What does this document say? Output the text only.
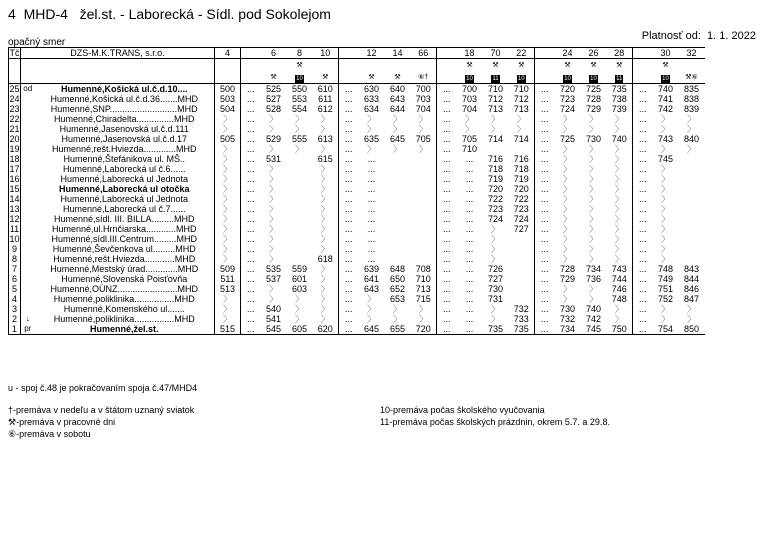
4  MHD-4   žel.st. - Laborecká - Sídl. pod Sokolejom
Platnosť od:  1. 1. 2022
opačný smer
Tč	DZS-M.K.TRANS, s.r.o.		4		6	8	10		12	14	66		18	70	22		24	26	28		30	32
						⚒							⚒	⚒	⚒		⚒	⚒	⚒		⚒	
					⚒	10	⚒		⚒	⚒	⑥†		10	11	10		10	10	11		10	⚒⑥
25	od	Humenné,Košická ul.č.d.10....	500	...	525	550	610	...	630	640	700	...	700	710	710	...	720	725	735	...	740	835
24		Humenné,Košická ul.č.d.36.......MHD	503	...	527	553	611	...	633	643	703	...	703	712	712	...	723	728	738	...	741	838
23		Humenné,SNP...........................MHD	504	...	528	554	612	...	634	644	704	...	704	713	713	...	724	729	739	...	742	839
22		Humenné,Chiradelta...............MHD	〉	...	〉	〉	〉	...	〉	〉	〉	...	〉	〉	〉	...	〉	〉	〉	...	〉	〉
21		Humenné,Jasenovská ul.č.d.111	〉	...	〉	〉	〉	...	〉	〉	〉	...	〉	〉	〉	...	〉	〉	〉	...	〉	〉
20		Humenné,Jasenovská ul.č.d.17	505	...	529	555	613	...	635	645	705	...	705	714	714	...	725	730	740	...	743	840
19		Humenné,rešt.Hviezda.............MHD	〉	...	〉	〉	〉	...	〉	〉	〉	...	710			...	〉	〉	〉	...	〉	〉
18		Humenné,Štefánikova ul. MŠ..	〉	...	531		615	...	...			...	...	716	716	...	〉	〉	〉	...	745	
17		Humenné,Laborecká ul č.6......	〉	...	〉		〉	...	...			...	...	718	718	...	〉	〉	〉	...	〉	
16		Humenné,Laborecká ul Jednota	〉	...	〉		〉	...	...			...	...	719	719	...	〉	〉	〉	...	〉	
15		Humenné,Laborecká ul otočka	〉	...	〉		〉	...	...			...	...	720	720	...	〉	〉	〉	...	〉	
14		Humenné,Laborecká ul Jednota	〉	...	〉		〉	...	...			...	...	722	722	...	〉	〉	〉	...	〉	
13		Humenné,Laborecká ul č.7......	〉	...	〉		〉	...	...			...	...	723	723	...	〉	〉	〉	...	〉	
12		Humenné,sídl. III. BILLA.........MHD	〉	...	〉		〉	...	...			...	...	724	724	...	〉	〉	〉	...	〉	
11		Humenné,ul.Hrnčiarska............MHD	〉	...	〉		〉	...	...			...	...	〉	727	...	〉	〉	〉	...	〉	
10		Humenné,sídl.III.Centrum.........MHD	〉	...	〉		〉	...	...			...	...	〉		...	〉	〉	〉	...	〉	
9		Humenné,Ševčenkova ul.........MHD	〉	...	〉		〉	...	...			...	...	〉		...	〉	〉	〉	...	〉	
8		Humenné,rešt.Hviezda............MHD	〉	...	〉		618	...	...			...	...	〉		...	〉	〉	〉	...	〉	
7		Humenné,Mestský úrad.............MHD	509	...	535	559	〉	...	639	648	708	...	...	726		...	728	734	743	...	748	843
6		Humenné,Slovenská Poisťovňa	511	...	537	601	〉	...	641	650	710	...	...	727		...	729	736	744	...	749	844
5		Humenné,OÚNZ........................MHD	513	...	〉	603	〉	...	643	652	713	...	...	730		...	〉	〉	746	...	751	846
4		Humenné,poliklinika................MHD	〉	...	〉	〉	〉	...	〉	653	715	...	...	731		...	〉	〉	748	...	752	847
3		Humenné,Komenského ul.......	〉	...	540	〉	〉	...	〉	〉	〉	...	...	〉	732	...	730	740	〉	...	〉	〉
2	↓	Humenné,poliklinika................MHD	〉	...	541	〉	〉	...	〉	〉	〉	...	...	〉	733	...	732	742	〉	...	〉	〉
1	pr	Humenné,žel.st.	515	...	545	605	620	...	645	655	720	...	...	735	735	...	734	745	750	...	754	850
u - spoj č.48 je pokračovaním spoja č.47/MHD4
†-premáva v nedeľu a v štátom uznaný sviatok
⚒-premáva v pracovné dni
⑥-premáva v sobotu
10-premáva počas školského vyučovania
11-premáva počas školských prázdnin, okrem 5.7. a 29.8.
